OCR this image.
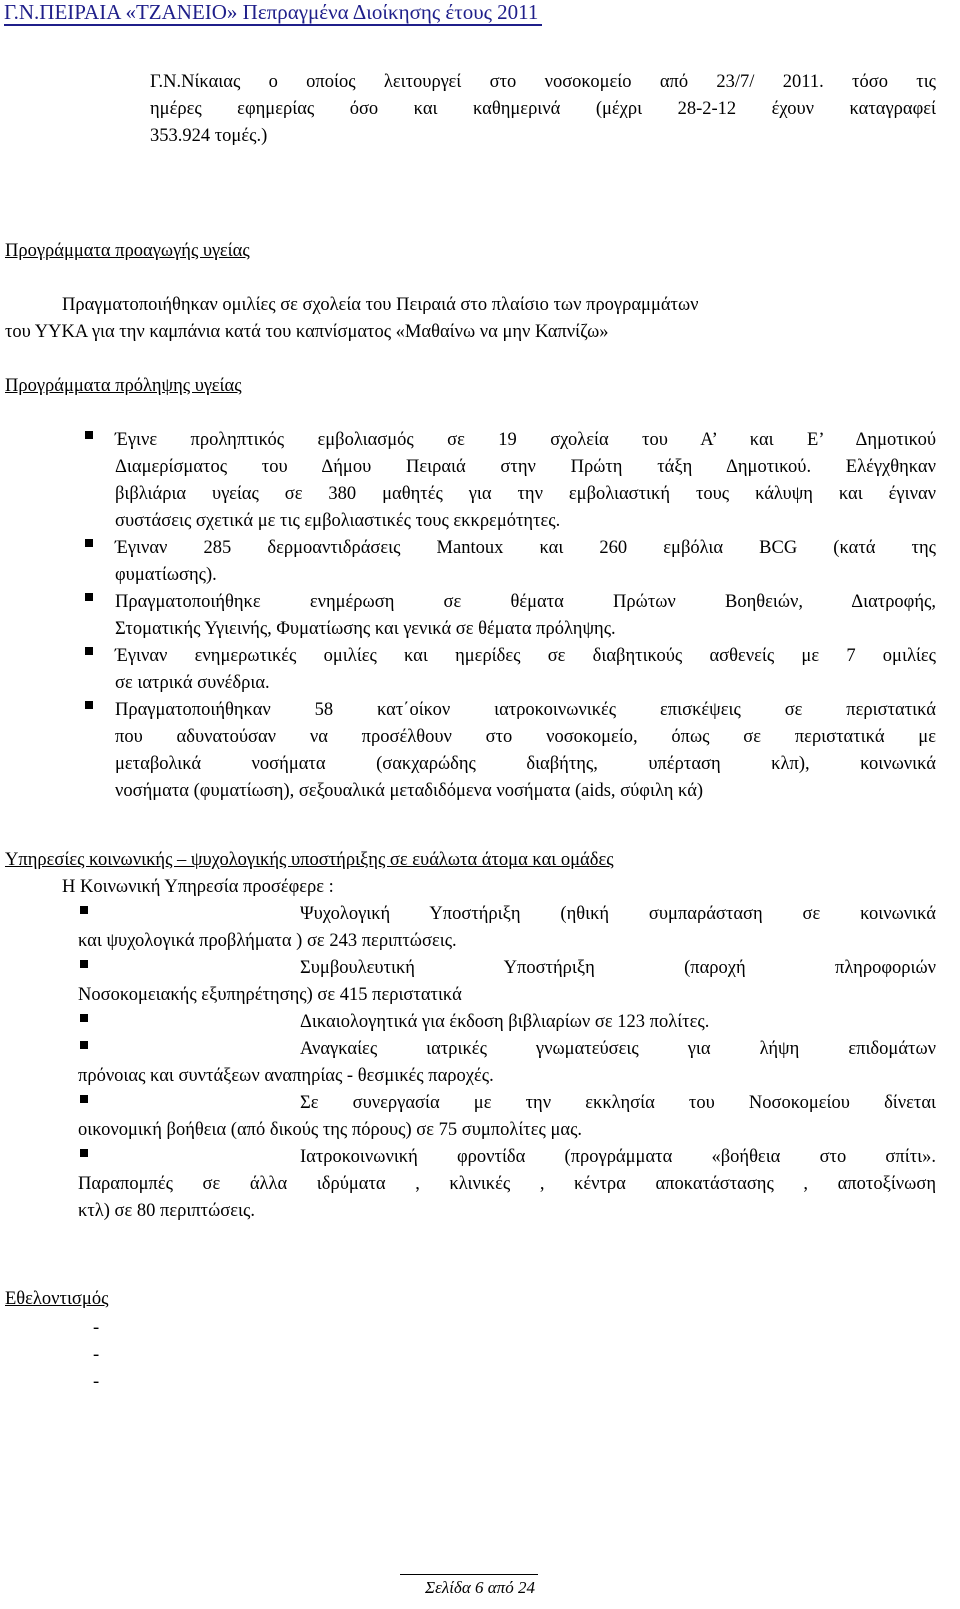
Γ.Ν.ΠΕΙΡΑΙΑ «ΤΖΑΝΕΙΟ» Πεπραγμένα Διοίκησης έτους 2011
Γ.Ν.Νίκαιας ο οποίος λειτουργεί στο νοσοκομείο από 23/7/ 2011. τόσο τις
ημέρες εφημερίας όσο και καθημερινά (μέχρι 28-2-12 έχουν καταγραφεί
353.924 τομές.)
Προγράμματα προαγωγής υγείας
Πραγματοποιήθηκαν ομιλίες σε σχολεία του Πειραιά στο πλαίσιο των προγραμμάτων
του ΥΥΚΑ για την καμπάνια κατά του καπνίσματος «Μαθαίνω να μην Καπνίζω»
Προγράμματα πρόληψης υγείας
Έγινε προληπτικός εμβολιασμός σε 19 σχολεία του Α’ και Ε’ Δημοτικού
Διαμερίσματος του Δήμου Πειραιά στην Πρώτη τάξη Δημοτικού. Ελέγχθηκαν
βιβλιάρια υγείας σε 380 μαθητές για την εμβολιαστική τους κάλυψη και έγιναν
συστάσεις σχετικά με τις εμβολιαστικές τους εκκρεμότητες.
Έγιναν 285 δερμοαντιδράσεις Mantoux και 260 εμβόλια BCG (κατά της
φυματίωσης).
Πραγματοποιήθηκε ενημέρωση σε θέματα Πρώτων Βοηθειών, Διατροφής,
Στοματικής Υγιεινής, Φυματίωσης και γενικά σε θέματα πρόληψης.
Έγιναν ενημερωτικές ομιλίες και ημερίδες σε διαβητικούς ασθενείς με 7 ομιλίες
σε ιατρικά συνέδρια.
Πραγματοποιήθηκαν 58 κατ΄οίκον ιατροκοινωνικές επισκέψεις σε περιστατικά
που αδυνατούσαν να προσέλθουν στο νοσοκομείο, όπως σε περιστατικά με
μεταβολικά νοσήματα (σακχαρώδης διαβήτης, υπέρταση κλπ), κοινωνικά
νοσήματα (φυματίωση), σεξουαλικά μεταδιδόμενα νοσήματα (aids, σύφιλη κά)
Υπηρεσίες κοινωνικής – ψυχολογικής υποστήριξης σε ευάλωτα άτομα και ομάδες
Η Κοινωνική Υπηρεσία προσέφερε :
Ψυχολογική Υποστήριξη (ηθική συμπαράσταση σε κοινωνικά
και ψυχολογικά προβλήματα ) σε 243 περιπτώσεις.
Συμβουλευτική Υποστήριξη (παροχή πληροφοριών
Νοσοκομειακής εξυπηρέτησης) σε 415 περιστατικά
Δικαιολογητικά για έκδοση βιβλιαρίων σε 123 πολίτες.
Αναγκαίες ιατρικές γνωματεύσεις για λήψη επιδομάτων
πρόνοιας και συντάξεων αναπηρίας - θεσμικές παροχές.
Σε συνεργασία με την εκκλησία του Νοσοκομείου δίνεται
οικονομική βοήθεια (από δικούς της πόρους) σε 75 συμπολίτες μας.
Ιατροκοινωνική φροντίδα (προγράμματα «βοήθεια στο σπίτι».
Παραπομπές σε άλλα ιδρύματα , κλινικές , κέντρα αποκατάστασης , αποτοξίνωση
κτλ) σε 80 περιπτώσεις.
Εθελοντισμός
-
-
-
Σελίδα 6 από 24
